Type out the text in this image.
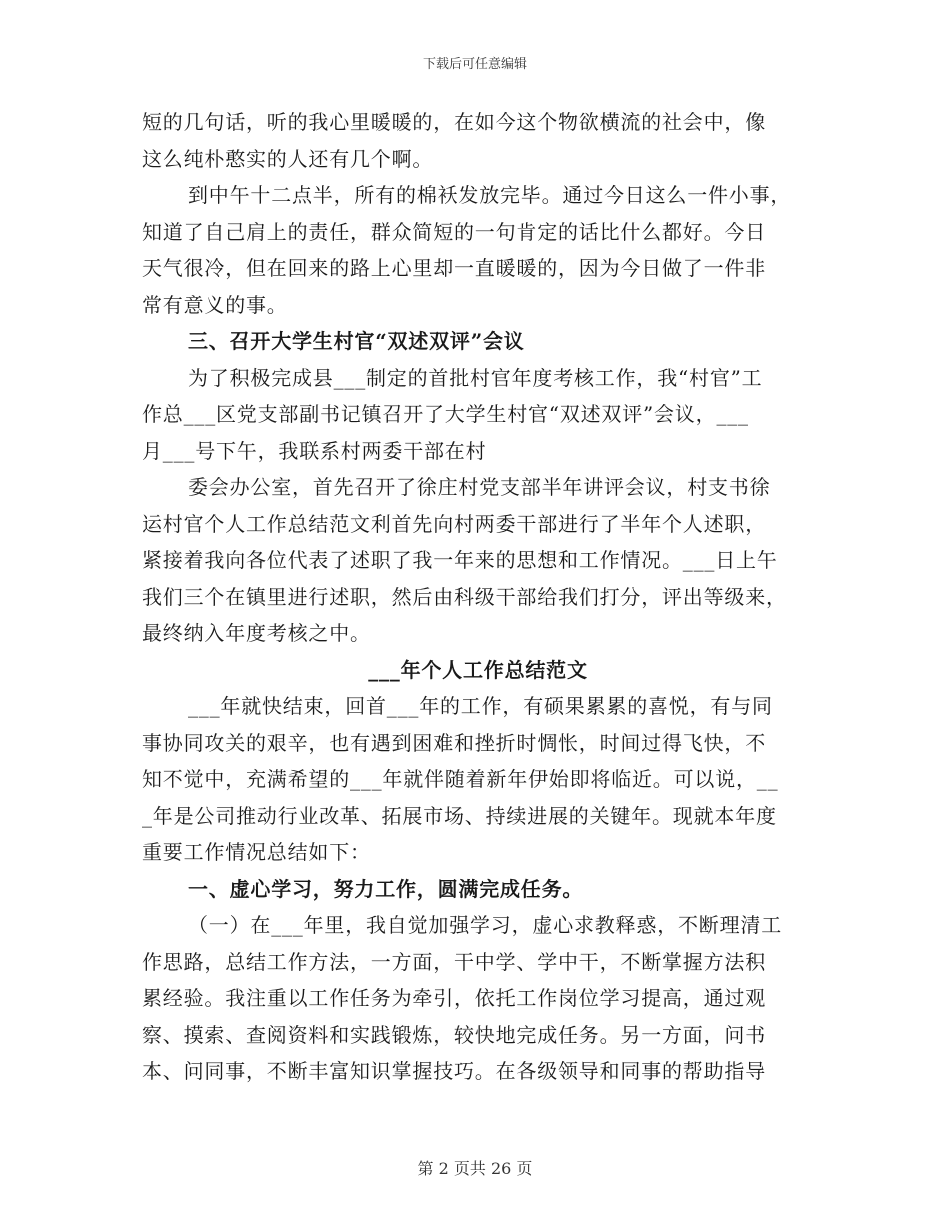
下载后可任意编辑
短的几句话，听的我心里暖暖的，在如今这个物欲横流的社会中，像
这么纯朴憨实的人还有几个啊。
到中午十二点半，所有的棉袄发放完毕。通过今日这么一件小事，
知道了自己肩上的责任，群众简短的一句肯定的话比什么都好。今日
天气很冷，但在回来的路上心里却一直暖暖的，因为今日做了一件非
常有意义的事。
三、召开大学生村官“双述双评”会议
为了积极完成县___制定的首批村官年度考核工作，我“村官”工
作总___区党支部副书记镇召开了大学生村官“双述双评”会议，___
月___号下午，我联系村两委干部在村
委会办公室，首先召开了徐庄村党支部半年讲评会议，村支书徐
运村官个人工作总结范文利首先向村两委干部进行了半年个人述职，
紧接着我向各位代表了述职了我一年来的思想和工作情况。___日上午
我们三个在镇里进行述职，然后由科级干部给我们打分，评出等级来，
最终纳入年度考核之中。
___年个人工作总结范文
___年就快结束，回首___年的工作，有硕果累累的喜悦，有与同
事协同攻关的艰辛，也有遇到困难和挫折时惆怅，时间过得飞快，不
知不觉中，充满希望的___年就伴随着新年伊始即将临近。可以说，__
_年是公司推动行业改革、拓展市场、持续进展的关键年。现就本年度
重要工作情况总结如下：
一、虚心学习，努力工作，圆满完成任务。
（一）在___年里，我自觉加强学习，虚心求教释惑，不断理清工
作思路，总结工作方法，一方面，干中学、学中干，不断掌握方法积
累经验。我注重以工作任务为牵引，依托工作岗位学习提高，通过观
察、摸索、查阅资料和实践锻炼，较快地完成任务。另一方面，问书
本、问同事，不断丰富知识掌握技巧。在各级领导和同事的帮助指导
第 2 页共 26 页
